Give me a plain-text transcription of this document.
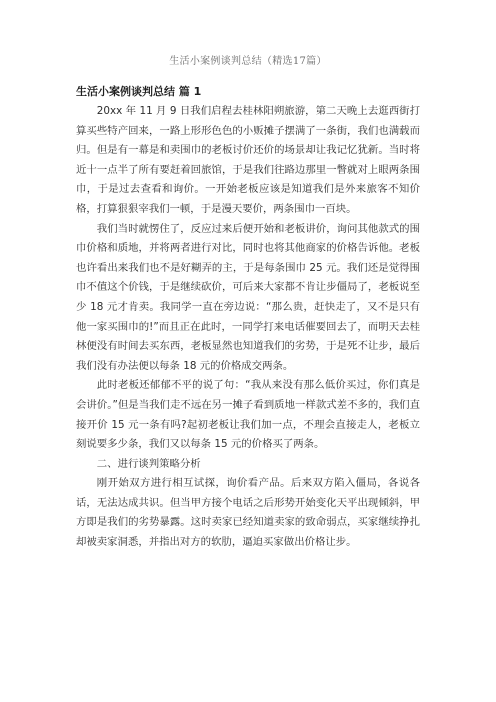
生活小案例谈判总结（精选17篇）
生活小案例谈判总结 篇 1

20xx 年 11 月 9 日我们启程去桂林阳朔旅游，第二天晚上去逛西街打算买些特产回来，一路上形形色色的小贩摊子摆满了一条街，我们也满载而归。但是有一幕是和卖围巾的老板讨价还价的场景却让我记忆犹新。当时将近十一点半了所有要赶着回旅馆，于是我们往路边那里一瞥就对上眼两条围巾，于是过去查看和询价。一开始老板应该是知道我们是外来旅客不知价格，打算狠狠宰我们一顿，于是漫天要价，两条围巾一百块。

我们当时就愣住了，反应过来后便开始和老板讲价，询问其他款式的围巾价格和质地，并将两者进行对比，同时也将其他商家的价格告诉他。老板也许看出来我们也不是好糊弄的主，于是每条围巾 25 元。我们还是觉得围巾不值这个价钱，于是继续砍价，可后来大家都不肯让步僵局了，老板说至少 18 元才肯卖。我同学一直在旁边说：“那么贵，赶快走了，又不是只有他一家买围巾的!”而且正在此时，一同学打来电话催要回去了，而明天去桂林便没有时间去买东西，老板显然也知道我们的劣势，于是死不让步，最后我们没有办法便以每条 18 元的价格成交两条。

此时老板还郁郁不平的说了句：“我从来没有那么低价买过，你们真是会讲价。”但是当我们走不远在另一摊子看到质地一样款式差不多的，我们直接开价 15 元一条有吗?起初老板让我们加一点，不理会直接走人，老板立刻说要多少条，我们又以每条 15 元的价格买了两条。

二、进行谈判策略分析

刚开始双方进行相互试探，询价看产品。后来双方陷入僵局，各说各话，无法达成共识。但当甲方接个电话之后形势开始变化天平出现倾斜，甲方即是我们的劣势暴露。这时卖家已经知道卖家的致命弱点，买家继续挣扎却被卖家洞悉，并指出对方的软肋，逼迫买家做出价格让步。
